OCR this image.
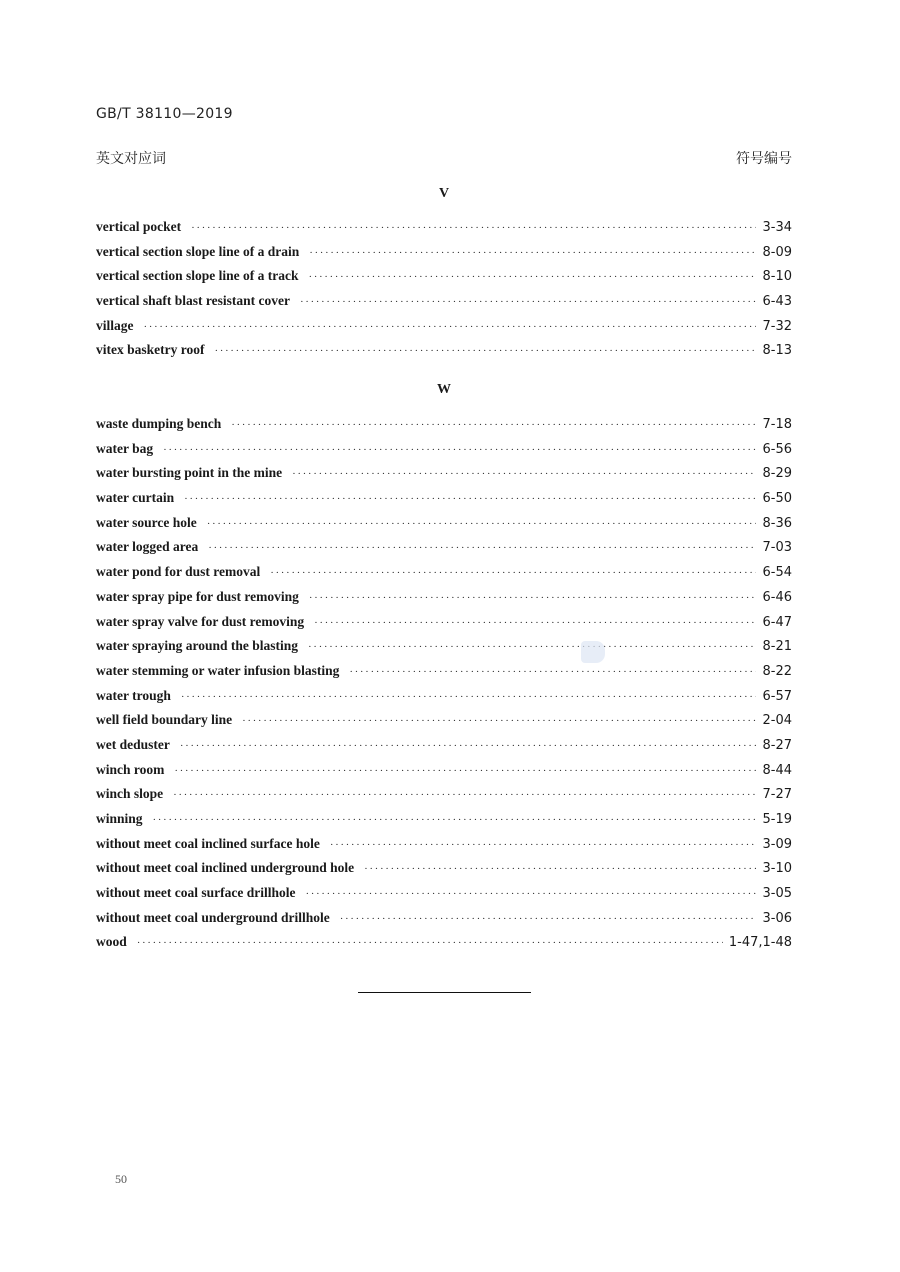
GB/T 38110—2019
英文对应词	符号编号
V
vertical pocket ·····	3-34
vertical section slope line of a drain ·····	8-09
vertical section slope line of a track ·····	8-10
vertical shaft blast resistant cover ·····	6-43
village ·····	7-32
vitex basketry roof ·····	8-13
W
waste dumping bench ·····	7-18
water bag ·····	6-56
water bursting point in the mine ·····	8-29
water curtain ·····	6-50
water source hole ·····	8-36
water logged area ·····	7-03
water pond for dust removal ·····	6-54
water spray pipe for dust removing ·····	6-46
water spray valve for dust removing ·····	6-47
water spraying around the blasting ·····	8-21
water stemming or water infusion blasting ·····	8-22
water trough ·····	6-57
well field boundary line ·····	2-04
wet deduster ·····	8-27
winch room ·····	8-44
winch slope ·····	7-27
winning ·····	5-19
without meet coal inclined surface hole ·····	3-09
without meet coal inclined underground hole ·····	3-10
without meet coal surface drillhole ·····	3-05
without meet coal underground drillhole ·····	3-06
wood ·····	1-47,1-48
50
